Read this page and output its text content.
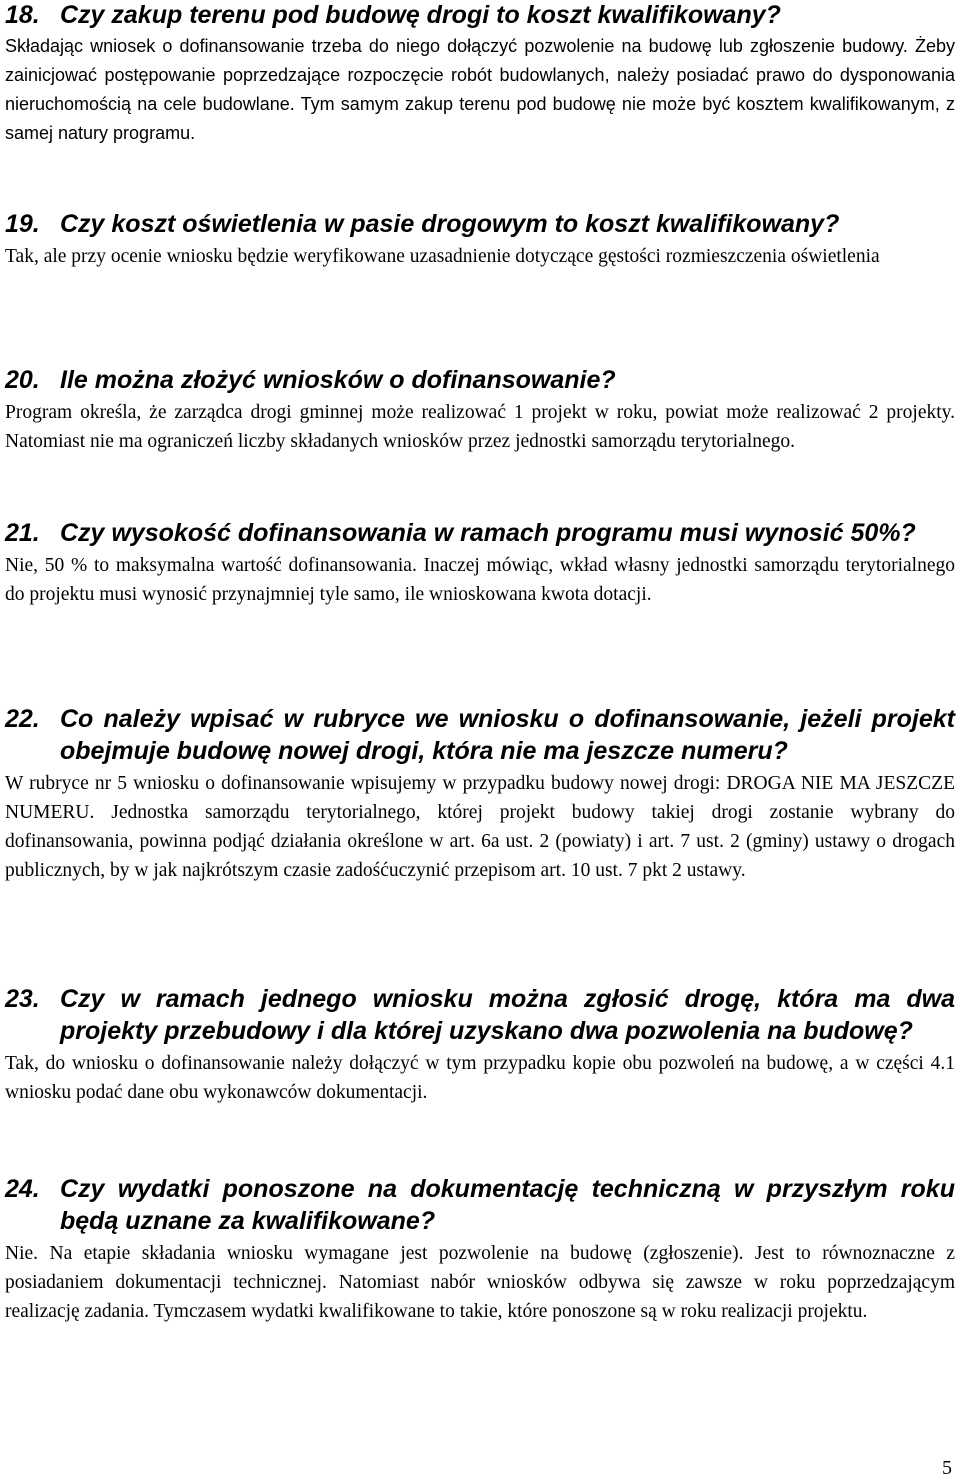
18. Czy zakup terenu pod budowę drogi to koszt kwalifikowany?

Składając wniosek o dofinansowanie trzeba do niego dołączyć pozwolenie na budowę lub zgłoszenie budowy. Żeby zainicjować postępowanie poprzedzające rozpoczęcie robót budowlanych, należy posiadać prawo do dysponowania nieruchomością na cele budowlane. Tym samym zakup terenu pod budowę nie może być kosztem kwalifikowanym, z samej natury programu.

19. Czy koszt oświetlenia w pasie drogowym to koszt kwalifikowany?

Tak, ale przy ocenie wniosku będzie weryfikowane uzasadnienie dotyczące gęstości rozmieszczenia oświetlenia

20. Ile można złożyć wniosków o dofinansowanie?

Program określa, że zarządca drogi gminnej może realizować 1 projekt w roku, powiat może realizować 2 projekty. Natomiast nie ma ograniczeń liczby składanych wniosków przez jednostki samorządu terytorialnego.

21. Czy wysokość dofinansowania w ramach programu musi wynosić 50%?

Nie, 50 % to maksymalna wartość dofinansowania. Inaczej mówiąc, wkład własny jednostki samorządu terytorialnego do projektu musi wynosić przynajmniej tyle samo, ile wnioskowana kwota dotacji.

22. Co należy wpisać w rubryce we wniosku o dofinansowanie, jeżeli projekt obejmuje budowę nowej drogi, która nie ma jeszcze numeru?

W rubryce nr 5 wniosku o dofinansowanie wpisujemy w przypadku budowy nowej drogi: DROGA NIE MA JESZCZE NUMERU. Jednostka samorządu terytorialnego, której projekt budowy takiej drogi zostanie wybrany do dofinansowania, powinna podjąć działania określone w art. 6a ust. 2 (powiaty) i art. 7 ust. 2 (gminy) ustawy o drogach publicznych, by w jak najkrótszym czasie zadośćuczynić przepisom art. 10 ust. 7 pkt 2 ustawy.

23. Czy w ramach jednego wniosku można zgłosić drogę, która ma dwa projekty przebudowy i dla której uzyskano dwa pozwolenia na budowę?

Tak, do wniosku o dofinansowanie należy dołączyć w tym przypadku kopie obu pozwoleń na budowę, a w części 4.1 wniosku podać dane obu wykonawców dokumentacji.

24. Czy wydatki ponoszone na dokumentację techniczną w przyszłym roku będą uznane za kwalifikowane?

Nie. Na etapie składania wniosku wymagane jest pozwolenie na budowę (zgłoszenie). Jest to równoznaczne z posiadaniem dokumentacji technicznej. Natomiast nabór wniosków odbywa się zawsze w roku poprzedzającym realizację zadania. Tymczasem wydatki kwalifikowane to takie, które ponoszone są w roku realizacji projektu.

5
